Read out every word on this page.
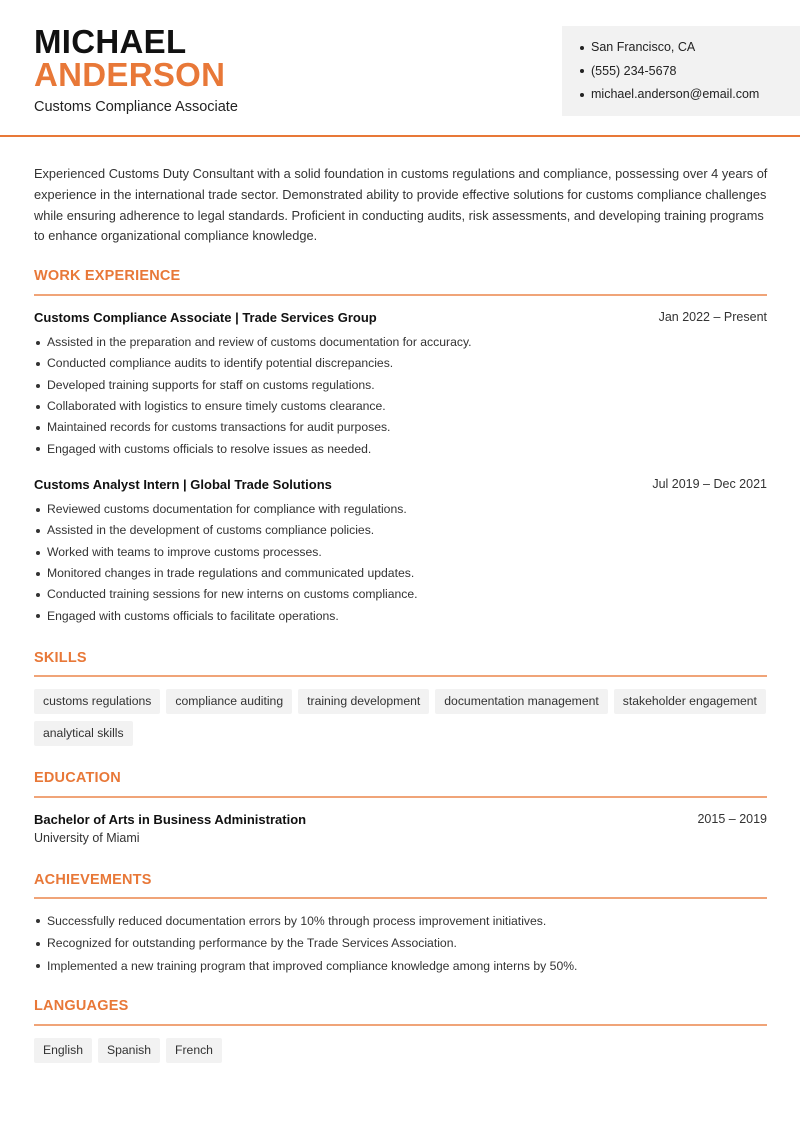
MICHAEL
ANDERSON
Customs Compliance Associate
San Francisco, CA
(555) 234-5678
michael.anderson@email.com

Experienced Customs Duty Consultant with a solid foundation in customs regulations and compliance, possessing over 4 years of experience in the international trade sector. Demonstrated ability to provide effective solutions for customs compliance challenges while ensuring adherence to legal standards. Proficient in conducting audits, risk assessments, and developing training programs to enhance organizational compliance knowledge.

WORK EXPERIENCE
Customs Compliance Associate | Trade Services Group	Jan 2022 – Present
Assisted in the preparation and review of customs documentation for accuracy.
Conducted compliance audits to identify potential discrepancies.
Developed training supports for staff on customs regulations.
Collaborated with logistics to ensure timely customs clearance.
Maintained records for customs transactions for audit purposes.
Engaged with customs officials to resolve issues as needed.
Customs Analyst Intern | Global Trade Solutions	Jul 2019 – Dec 2021
Reviewed customs documentation for compliance with regulations.
Assisted in the development of customs compliance policies.
Worked with teams to improve customs processes.
Monitored changes in trade regulations and communicated updates.
Conducted training sessions for new interns on customs compliance.
Engaged with customs officials to facilitate operations.
SKILLS
customs regulations	compliance auditing	training development	documentation management	stakeholder engagement
analytical skills
EDUCATION
Bachelor of Arts in Business Administration	2015 – 2019
University of Miami
ACHIEVEMENTS
Successfully reduced documentation errors by 10% through process improvement initiatives.
Recognized for outstanding performance by the Trade Services Association.
Implemented a new training program that improved compliance knowledge among interns by 50%.
LANGUAGES
English	Spanish	French
